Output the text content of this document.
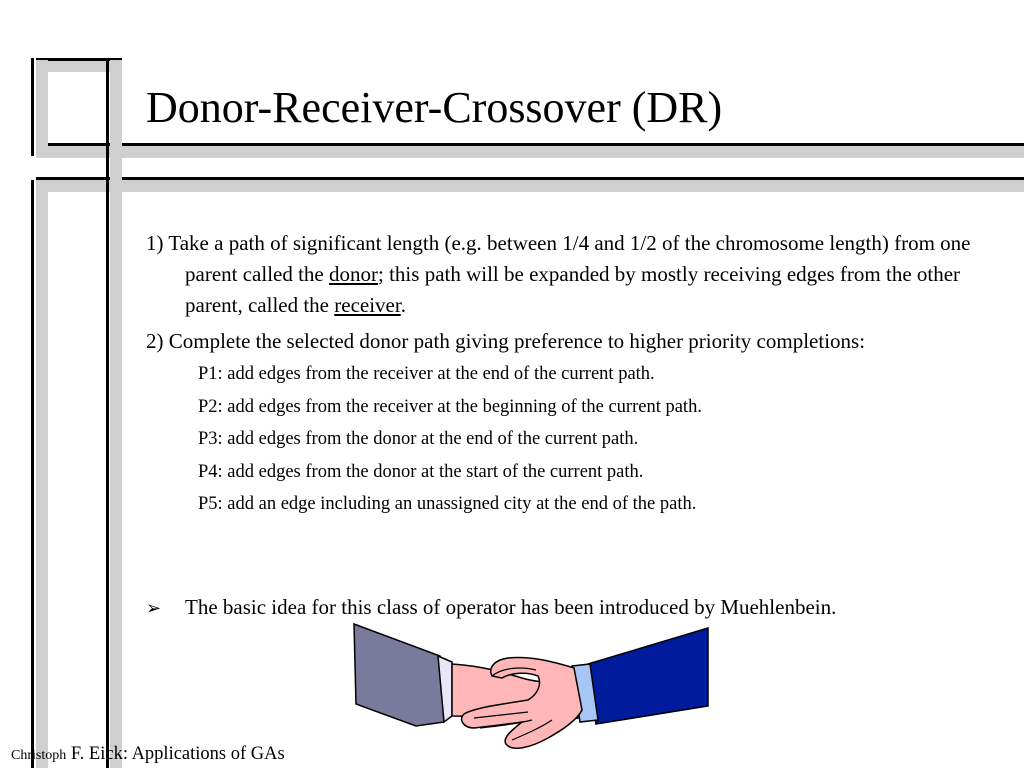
Donor-Receiver-Crossover (DR)

1) Take a path of significant length (e.g. between 1/4 and 1/2 of the chromosome length) from one parent called the donor; this path will be expanded by mostly receiving edges from the other parent, called the receiver.

2) Complete the selected donor path giving preference to higher priority completions:

P1: add edges from the receiver at the end of the current path.

P2: add edges from the receiver at the beginning of the current path.

P3: add edges from the donor at the end of the current path.

P4: add edges from the donor at the start of the current path.

P5: add an edge including an unassigned city at the end of the path.

➢ The basic idea for this class of operator has been introduced by Muehlenbein.
Christoph F. Eick: Applications of GAs
